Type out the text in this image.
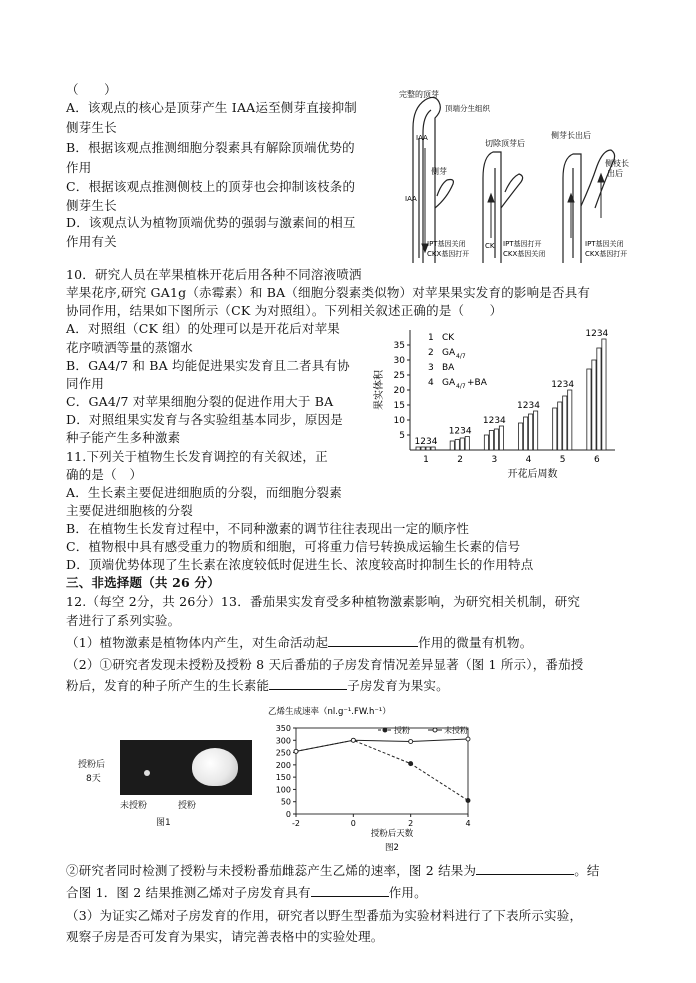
（　　）
A．该观点的核心是顶芽产生 IAA运至侧芽直接抑制
侧芽生长
B．根据该观点推测细胞分裂素具有解除顶端优势的
作用
C．根据该观点推测侧枝上的顶芽也会抑制该枝条的
侧芽生长
D．该观点认为植物顶端优势的强弱与激素间的相互
作用有关
完整的顶芽
顶端分生组织
IAA
切除顶芽后
侧芽长出后
侧枝长
出后
侧芽
IAA
CK
IPT基因关闭
CKX基因打开
IPT基因打开
CKX基因关闭
IPT基因关闭
CKX基因打开
10．研究人员在苹果植株开花后用各种不同溶液喷洒
苹果花序,研究 GA1g（赤霉素）和 BA（细胞分裂素类似物）对苹果果实发育的影响是否具有
协同作用，结果如下图所示（CK 为对照组）。下列相关叙述正确的是（　　）
A．对照组（CK 组）的处理可以是开花后对苹果
花序喷洒等量的蒸馏水
B．GA4/7 和 BA 均能促进果实发育且二者具有协
同作用
C．GA4/7 对苹果细胞分裂的促进作用大于 BA
D．对照组果实发育与各实验组基本同步，原因是
种子能产生多种激素	5
10
15
20
25
30
35
果实体积
1234
1
1234
2
1234
3
1234
4
1234
5
1234
6
开花后周数
1 CK
2 GA 4/7
3 BA
4 GA 4/7 +BA
11.下列关于植物生长发育调控的有关叙述，正
确的是（　）
A．生长素主要促进细胞质的分裂，而细胞分裂素
主要促进细胞核的分裂
B．在植物生长发育过程中，不同种激素的调节往往表现出一定的顺序性
C．植物根中具有感受重力的物质和细胞，可将重力信号转换成运输生长素的信号
D．顶端优势体现了生长素在浓度较低时促进生长、浓度较高时抑制生长的作用特点
三、非选择题（共 26 分）
12.（每空 2分，共 26分）13．番茄果实发育受多种植物激素影响，为研究相关机制，研究
者进行了系列实验。
（1）植物激素是植物体内产生，对生命活动起	作用的微量有机物。
（2）①研究者发现未授粉及授粉 8 天后番茄的子房发育情况差异显著（图 1 所示），番茄授
粉后，发育的种子所产生的生长素能	子房发育为果实。
授粉后
8天
未授粉	授粉
图1
乙烯生成速率（nl.g⁻¹.FW.h⁻¹）
0
50
100
150
200
250
300
350
-2	0	2	4
授粉后天数
图2
授粉	未授粉
②研究者同时检测了授粉与未授粉番茄雌蕊产生乙烯的速率，图 2 结果为	。结
合图 1．图 2 结果推测乙烯对子房发育具有	作用。
（3）为证实乙烯对子房发育的作用，研究者以野生型番茄为实验材料进行了下表所示实验，
观察子房是否可发育为果实，请完善表格中的实验处理。
